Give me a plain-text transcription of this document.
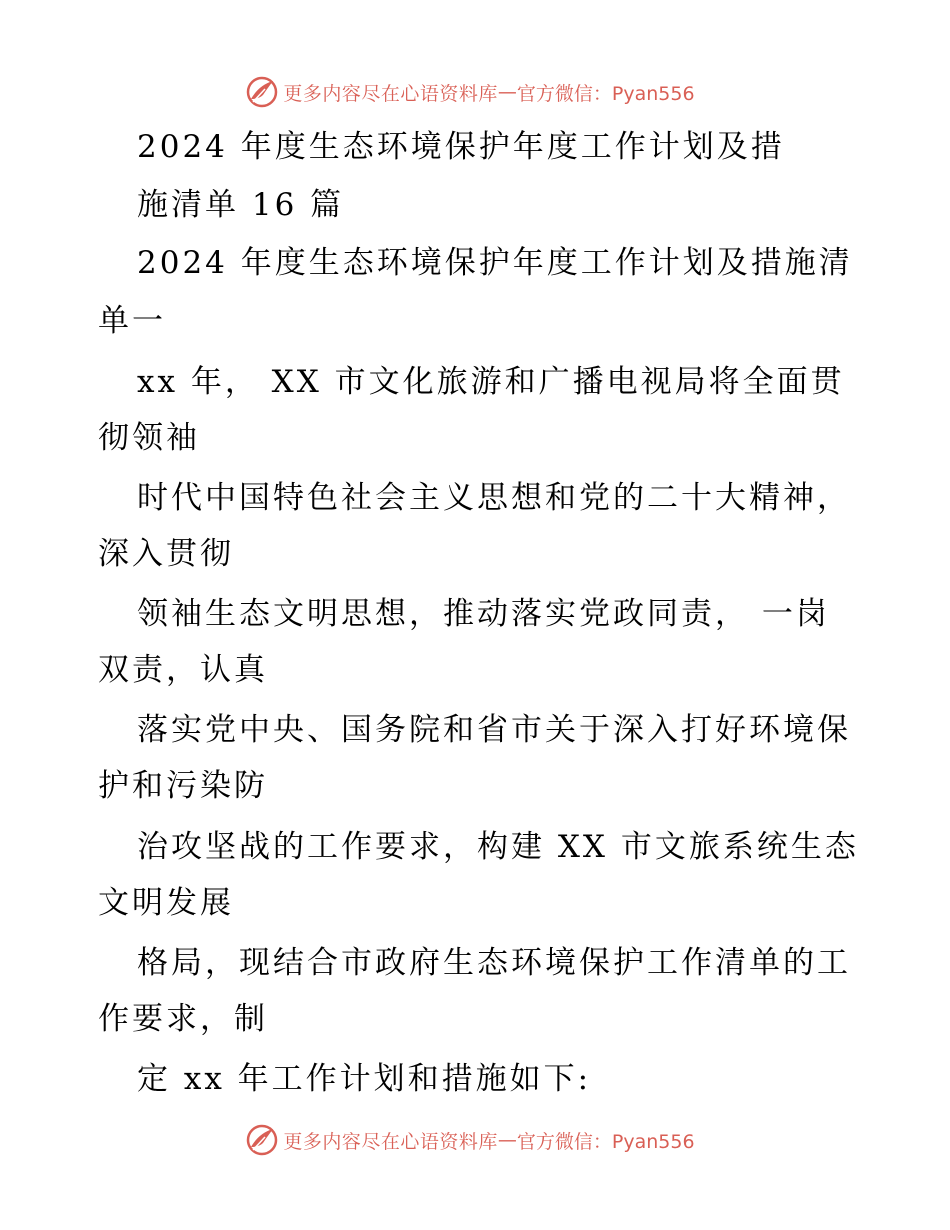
更多内容尽在心语资料库 — 官方微信：Pyan556
2024 年度生态环境保护年度工作计划及措
施清单 16 篇
2024 年度生态环境保护年度工作计划及措施清
单一
xx 年， XX 市文化旅游和广播电视局将全面贯
彻领袖
时代中国特色社会主义思想和党的二十大精神，
深入贯彻
领袖生态文明思想，推动落实党政同责， 一岗
双责，认真
落实党中央、国务院和省市关于深入打好环境保
护和污染防
治攻坚战的工作要求，构建 XX 市文旅系统生态
文明发展
格局，现结合市政府生态环境保护工作清单的工
作要求，制
定 xx 年工作计划和措施如下:
更多内容尽在心语资料库 — 官方微信：Pyan556
